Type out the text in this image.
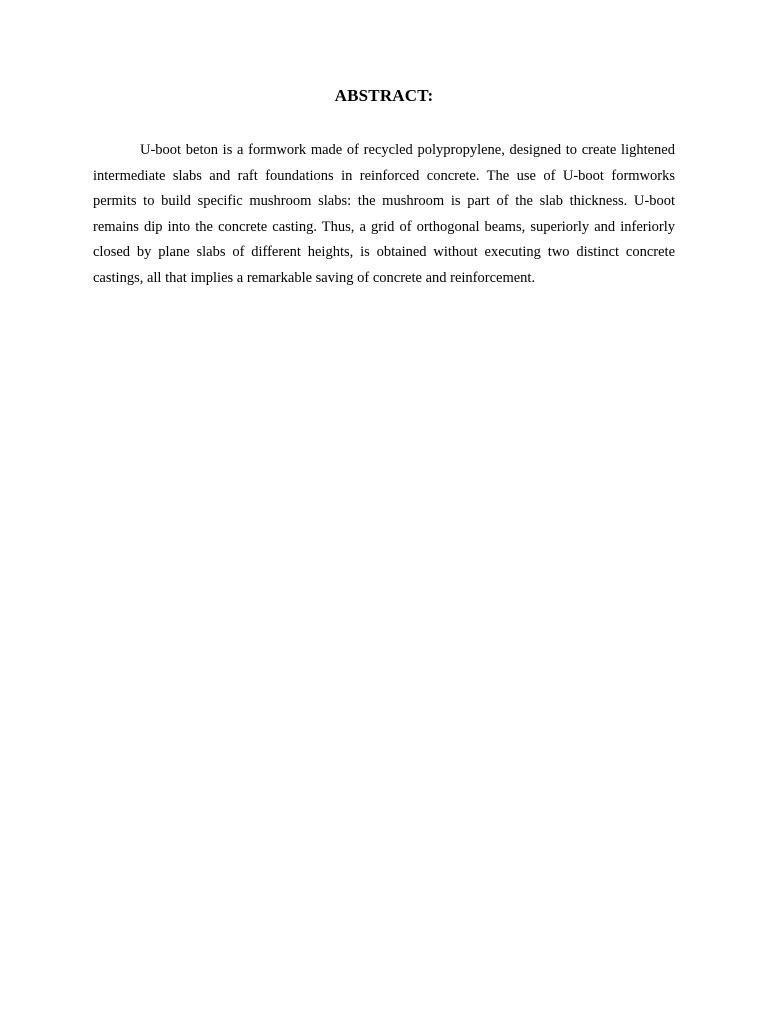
ABSTRACT:

U-boot beton is a formwork made of recycled polypropylene, designed to create lightened intermediate slabs and raft foundations in reinforced concrete. The use of U-boot formworks permits to build specific mushroom slabs: the mushroom is part of the slab thickness. U-boot remains dip into the concrete casting. Thus, a grid of orthogonal beams, superiorly and inferiorly closed by plane slabs of different heights, is obtained without executing two distinct concrete castings, all that implies a remarkable saving of concrete and reinforcement.
